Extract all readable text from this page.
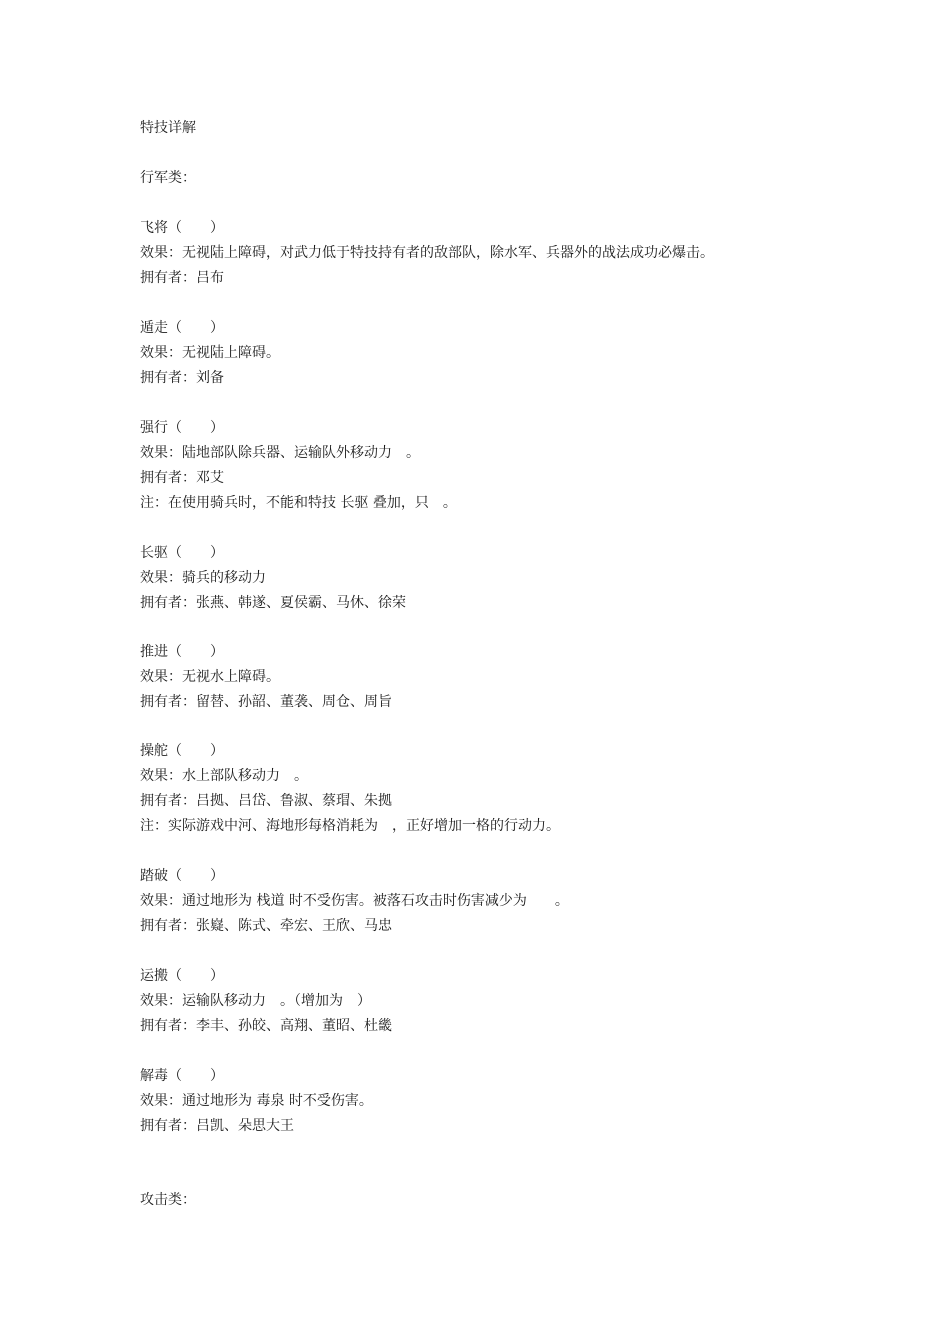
特技详解
行军类：
飞将（　　）
效果：无视陆上障碍，对武力低于特技持有者的敌部队，除水军、兵器外的战法成功必爆击。
拥有者：吕布
遁走（　　）
效果：无视陆上障碍。
拥有者：刘备
强行（　　）
效果：陆地部队除兵器、运输队外移动力　。
拥有者：邓艾
注：在使用骑兵时，不能和特技 长驱 叠加，只　。
长驱（　　）
效果：骑兵的移动力
拥有者：张燕、韩遂、夏侯霸、马休、徐荣
推进（　　）
效果：无视水上障碍。
拥有者：留替、孙韶、董袭、周仓、周旨
操舵（　　）
效果：水上部队移动力　。
拥有者：吕拠、吕岱、鲁淑、蔡瑁、朱拠
注：实际游戏中河、海地形每格消耗为　，正好增加一格的行动力。
踏破（　　）
效果：通过地形为 栈道 时不受伤害。被落石攻击时伤害减少为　　。
拥有者：张嶷、陈式、牵宏、王欣、马忠
运搬（　　）
效果：运输队移动力　。（增加为　）
拥有者：李丰、孙皎、高翔、董昭、杜畿
解毒（　　）
效果：通过地形为 毒泉 时不受伤害。
拥有者：吕凯、朵思大王
攻击类：
